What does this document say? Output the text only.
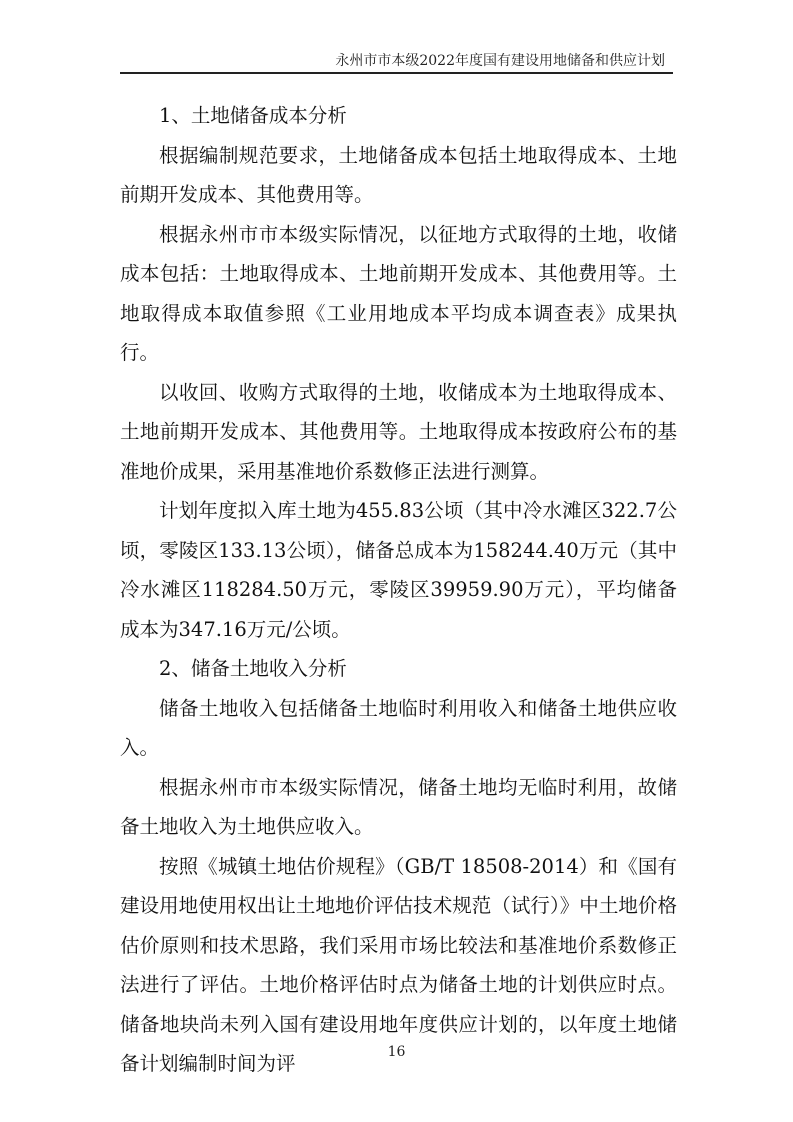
永州市市本级2022年度国有建设用地储备和供应计划

1、土地储备成本分析

根据编制规范要求，土地储备成本包括土地取得成本、土地前期开发成本、其他费用等。

根据永州市市本级实际情况，以征地方式取得的土地，收储成本包括：土地取得成本、土地前期开发成本、其他费用等。土地取得成本取值参照《工业用地成本平均成本调查表》成果执行。

以收回、收购方式取得的土地，收储成本为土地取得成本、土地前期开发成本、其他费用等。土地取得成本按政府公布的基准地价成果，采用基准地价系数修正法进行测算。

计划年度拟入库土地为455.83公顷（其中冷水滩区322.7公顷，零陵区133.13公顷），储备总成本为158244.40万元（其中冷水滩区118284.50万元，零陵区39959.90万元），平均储备成本为347.16万元/公顷。

2、储备土地收入分析

储备土地收入包括储备土地临时利用收入和储备土地供应收入。

根据永州市市本级实际情况，储备土地均无临时利用，故储备土地收入为土地供应收入。

按照《城镇土地估价规程》（GB/T 18508-2014）和《国有建设用地使用权出让土地地价评估技术规范（试行）》中土地价格估价原则和技术思路，我们采用市场比较法和基准地价系数修正法进行了评估。土地价格评估时点为储备土地的计划供应时点。储备地块尚未列入国有建设用地年度供应计划的，以年度土地储备计划编制时间为评	16
